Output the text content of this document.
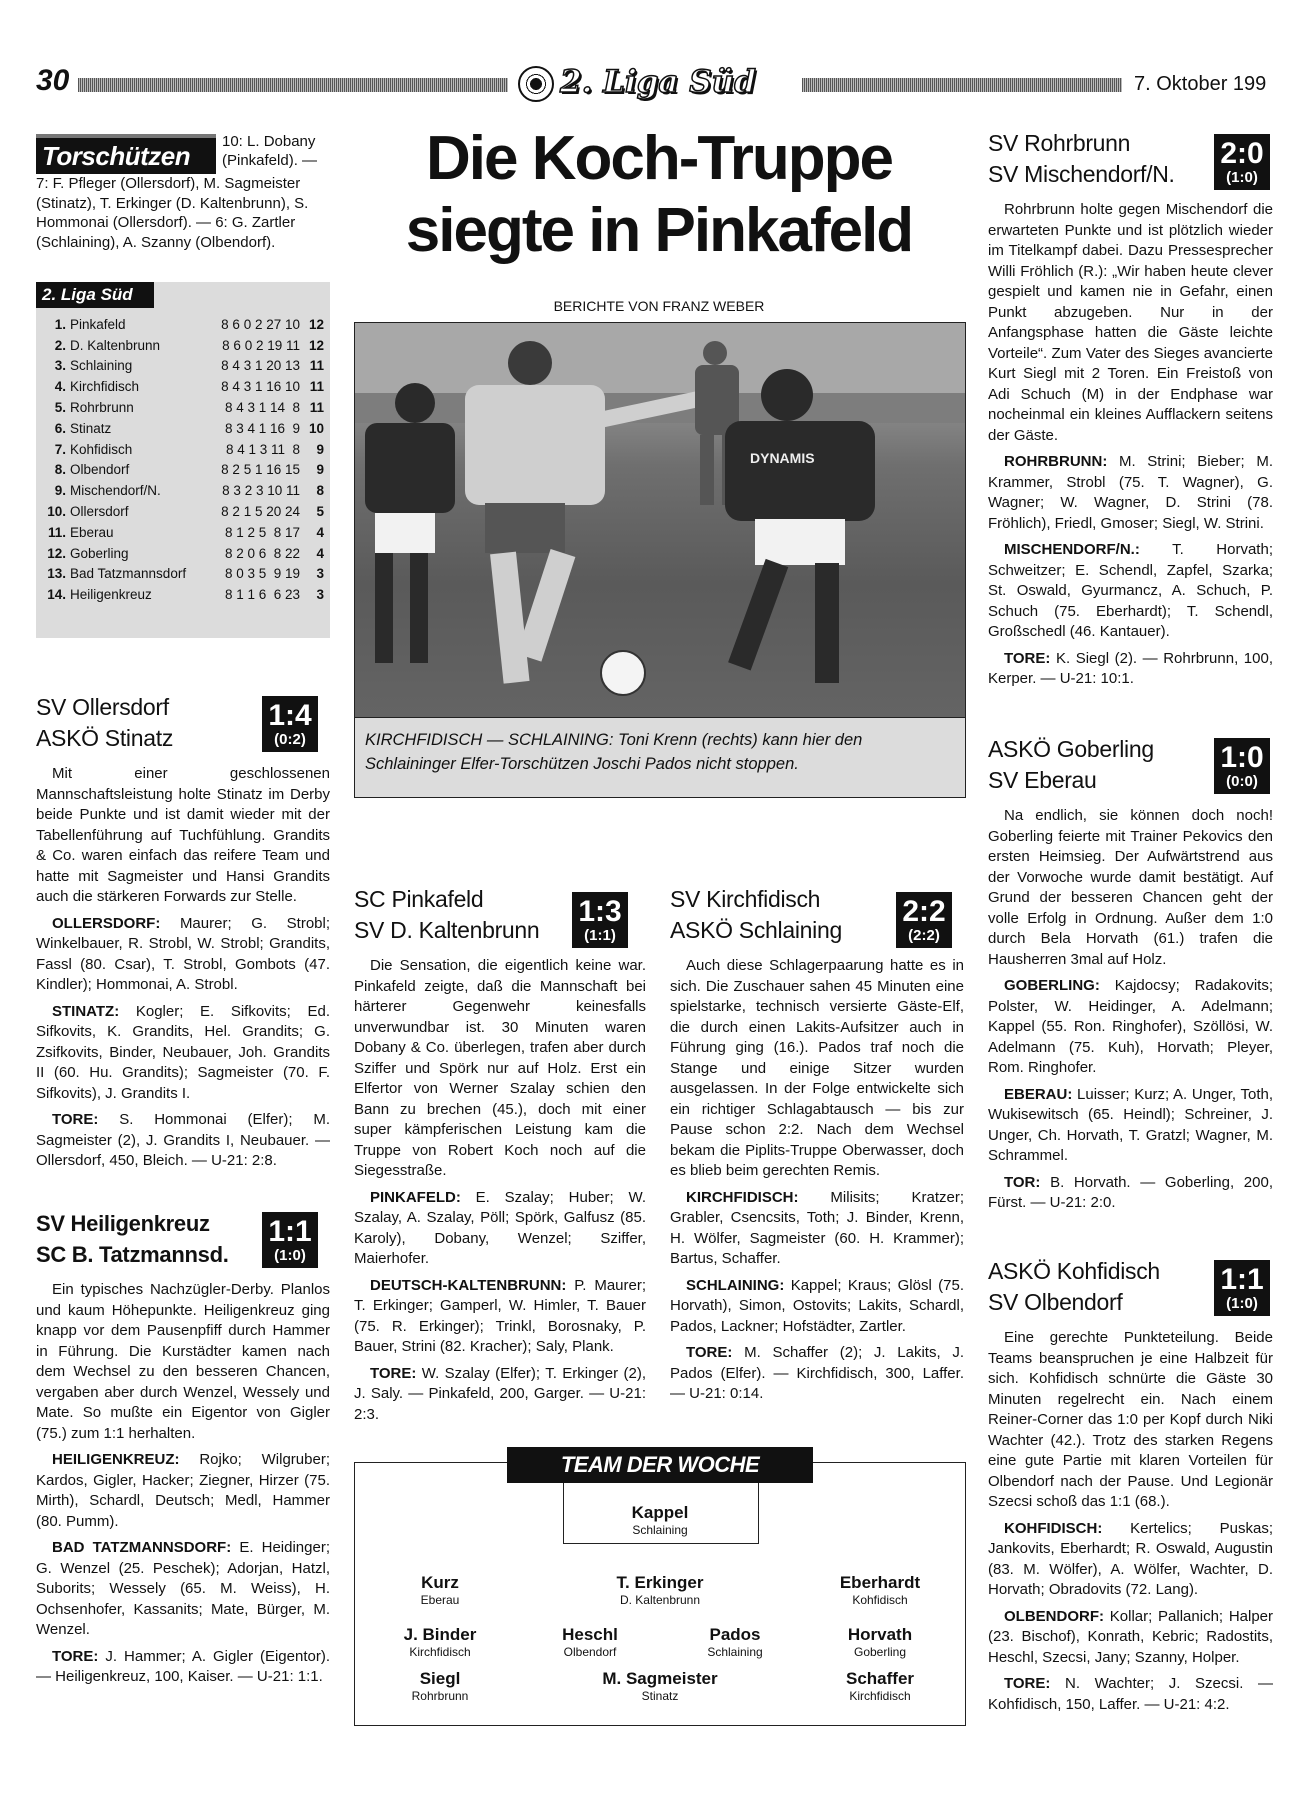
30	2. Liga Süd	7. Oktober 199
Torschützen	10: L. Dobany (Pinkafeld). —
7: F. Pfleger (Ollersdorf), M. Sagmeister (Stinatz), T. Erkinger (D. Kaltenbrunn), S. Hommonai (Ollersdorf). — 6: G. Zartler (Schlaining), A. Szanny (Olbendorf).
2. Liga Süd
1.	Pinkafeld	8 6 0 2 27 10	12
2.	D. Kaltenbrunn	8 6 0 2 19 11	12
3.	Schlaining	8 4 3 1 20 13	11
4.	Kirchfidisch	8 4 3 1 16 10	11
5.	Rohrbrunn	8 4 3 1 14  8	11
6.	Stinatz	8 3 4 1 16  9	10
7.	Kohfidisch	8 4 1 3 11  8	9
8.	Olbendorf	8 2 5 1 16 15	9
9.	Mischendorf/N.	8 3 2 3 10 11	8
10.	Ollersdorf	8 2 1 5 20 24	5
11.	Eberau	8 1 2 5  8 17	4
12.	Goberling	8 2 0 6  8 22	4
13.	Bad Tatzmannsdorf	8 0 3 5  9 19	3
14.	Heiligenkreuz	8 1 1 6  6 23	3
SV Ollersdorf
ASKÖ Stinatz
1:4
(0:2)

Mit einer geschlossenen Mannschaftsleistung holte Stinatz im Derby beide Punkte und ist damit wieder mit der Tabellenführung auf Tuchfühlung. Grandits & Co. waren einfach das reifere Team und hatte mit Sagmeister und Hansi Grandits auch die stärkeren Forwards zur Stelle.

OLLERSDORF: Maurer; G. Strobl; Winkelbauer, R. Strobl, W. Strobl; Grandits, Fassl (80. Csar), T. Strobl, Gombots (47. Kindler); Hommonai, A. Strobl.

STINATZ: Kogler; E. Sifkovits; Ed. Sifkovits, K. Grandits, Hel. Grandits; G. Zsifkovits, Binder, Neubauer, Joh. Grandits II (60. Hu. Grandits); Sagmeister (70. F. Sifkovits), J. Grandits I.

TORE: S. Hommonai (Elfer); M. Sagmeister (2), J. Grandits I, Neubauer. — Ollersdorf, 450, Bleich. — U-21: 2:8.

SV Heiligenkreuz
SC B. Tatzmannsd.
1:1
(1:0)

Ein typisches Nachzügler-Derby. Planlos und kaum Höhepunkte. Heiligenkreuz ging knapp vor dem Pausenpfiff durch Hammer in Führung. Die Kurstädter kamen nach dem Wechsel zu den besseren Chancen, vergaben aber durch Wenzel, Wessely und Mate. So mußte ein Eigentor von Gigler (75.) zum 1:1 herhalten.

HEILIGENKREUZ: Rojko; Wilgruber; Kardos, Gigler, Hacker; Ziegner, Hirzer (75. Mirth), Schardl, Deutsch; Medl, Hammer (80. Pumm).

BAD TATZMANNSDORF: E. Heidinger; G. Wenzel (25. Peschek); Adorjan, Hatzl, Suborits; Wessely (65. M. Weiss), H. Ochsenhofer, Kassanits; Mate, Bürger, M. Wenzel.

TORE: J. Hammer; A. Gigler (Eigentor). — Heiligenkreuz, 100, Kaiser. — U-21: 1:1.

Die Koch-Truppe
siegte in Pinkafeld
BERICHTE VON FRANZ WEBER
DYNAMIS
KIRCHFIDISCH — SCHLAINING: Toni Krenn (rechts) kann hier den Schlaininger Elfer-Torschützen Joschi Pados nicht stoppen.
SC Pinkafeld
SV D. Kaltenbrunn
1:3
(1:1)

Die Sensation, die eigentlich keine war. Pinkafeld zeigte, daß die Mannschaft bei härterer Gegenwehr keinesfalls unverwundbar ist. 30 Minuten waren Dobany & Co. überlegen, trafen aber durch Sziffer und Spörk nur auf Holz. Erst ein Elfertor von Werner Szalay schien den Bann zu brechen (45.), doch mit einer super kämpferischen Leistung kam die Truppe von Robert Koch noch auf die Siegesstraße.

PINKAFELD: E. Szalay; Huber; W. Szalay, A. Szalay, Pöll; Spörk, Galfusz (85. Karoly), Dobany, Wenzel; Sziffer, Maierhofer.

DEUTSCH-KALTENBRUNN: P. Maurer; T. Erkinger; Gamperl, W. Himler, T. Bauer (75. R. Erkinger); Trinkl, Borosnaky, P. Bauer, Strini (82. Kracher); Saly, Plank.

TORE: W. Szalay (Elfer); T. Erkinger (2), J. Saly. — Pinkafeld, 200, Garger. — U-21: 2:3.

SV Kirchfidisch
ASKÖ Schlaining
2:2
(2:2)

Auch diese Schlagerpaarung hatte es in sich. Die Zuschauer sahen 45 Minuten eine spielstarke, technisch versierte Gäste-Elf, die durch einen Lakits-Aufsitzer auch in Führung ging (16.). Pados traf noch die Stange und einige Sitzer wurden ausgelassen. In der Folge entwickelte sich ein richtiger Schlagabtausch — bis zur Pause schon 2:2. Nach dem Wechsel bekam die Piplits-Truppe Oberwasser, doch es blieb beim gerechten Remis.

KIRCHFIDISCH: Milisits; Kratzer; Grabler, Csencsits, Toth; J. Binder, Krenn, H. Wölfer, Sagmeister (60. H. Krammer); Bartus, Schaffer.

SCHLAINING: Kappel; Kraus; Glösl (75. Horvath), Simon, Ostovits; Lakits, Schardl, Pados, Lackner; Hofstädter, Zartler.

TORE: M. Schaffer (2); J. Lakits, J. Pados (Elfer). — Kirchfidisch, 300, Laffer. — U-21: 0:14.

TEAM DER WOCHE
Kappel
Schlaining
Kurz
Eberau
T. Erkinger
D. Kaltenbrunn
Eberhardt
Kohfidisch
J. Binder
Kirchfidisch
Heschl
Olbendorf
Pados
Schlaining
Horvath
Goberling
Siegl
Rohrbrunn
M. Sagmeister
Stinatz
Schaffer
Kirchfidisch
SV Rohrbrunn
SV Mischendorf/N.
2:0
(1:0)

Rohrbrunn holte gegen Mischendorf die erwarteten Punkte und ist plötzlich wieder im Titelkampf dabei. Dazu Pressesprecher Willi Fröhlich (R.): „Wir haben heute clever gespielt und kamen nie in Gefahr, einen Punkt abzugeben. Nur in der Anfangsphase hatten die Gäste leichte Vorteile“. Zum Vater des Sieges avancierte Kurt Siegl mit 2 Toren. Ein Freistoß von Adi Schuch (M) in der Endphase war nocheinmal ein kleines Aufflackern seitens der Gäste.

ROHRBRUNN: M. Strini; Bieber; M. Krammer, Strobl (75. T. Wagner), G. Wagner; W. Wagner, D. Strini (78. Fröhlich), Friedl, Gmoser; Siegl, W. Strini.

MISCHENDORF/N.: T. Horvath; Schweitzer; E. Schendl, Zapfel, Szarka; St. Oswald, Gyurmancz, A. Schuch, P. Schuch (75. Eberhardt); T. Schendl, Großschedl (46. Kantauer).

TORE: K. Siegl (2). — Rohrbrunn, 100, Kerper. — U-21: 10:1.

ASKÖ Goberling
SV Eberau
1:0
(0:0)

Na endlich, sie können doch noch! Goberling feierte mit Trainer Pekovics den ersten Heimsieg. Der Aufwärtstrend aus der Vorwoche wurde damit bestätigt. Auf Grund der besseren Chancen geht der volle Erfolg in Ordnung. Außer dem 1:0 durch Bela Horvath (61.) trafen die Hausherren 3mal auf Holz.

GOBERLING: Kajdocsy; Radakovits; Polster, W. Heidinger, A. Adelmann; Kappel (55. Ron. Ringhofer), Szöllösi, W. Adelmann (75. Kuh), Horvath; Pleyer, Rom. Ringhofer.

EBERAU: Luisser; Kurz; A. Unger, Toth, Wukisewitsch (65. Heindl); Schreiner, J. Unger, Ch. Horvath, T. Gratzl; Wagner, M. Schrammel.

TOR: B. Horvath. — Goberling, 200, Fürst. — U-21: 2:0.

ASKÖ Kohfidisch
SV Olbendorf
1:1
(1:0)

Eine gerechte Punkteteilung. Beide Teams beanspruchen je eine Halbzeit für sich. Kohfidisch schnürte die Gäste 30 Minuten regelrecht ein. Nach einem Reiner-Corner das 1:0 per Kopf durch Niki Wachter (42.). Trotz des starken Regens eine gute Partie mit klaren Vorteilen für Olbendorf nach der Pause. Und Legionär Szecsi schoß das 1:1 (68.).

KOHFIDISCH: Kertelics; Puskas; Jankovits, Eberhardt; R. Oswald, Augustin (83. M. Wölfer), A. Wölfer, Wachter, D. Horvath; Obradovits (72. Lang).

OLBENDORF: Kollar; Pallanich; Halper (23. Bischof), Konrath, Kebric; Radostits, Heschl, Szecsi, Jany; Szanny, Holper.

TORE: N. Wachter; J. Szecsi. — Kohfidisch, 150, Laffer. — U-21: 4:2.
